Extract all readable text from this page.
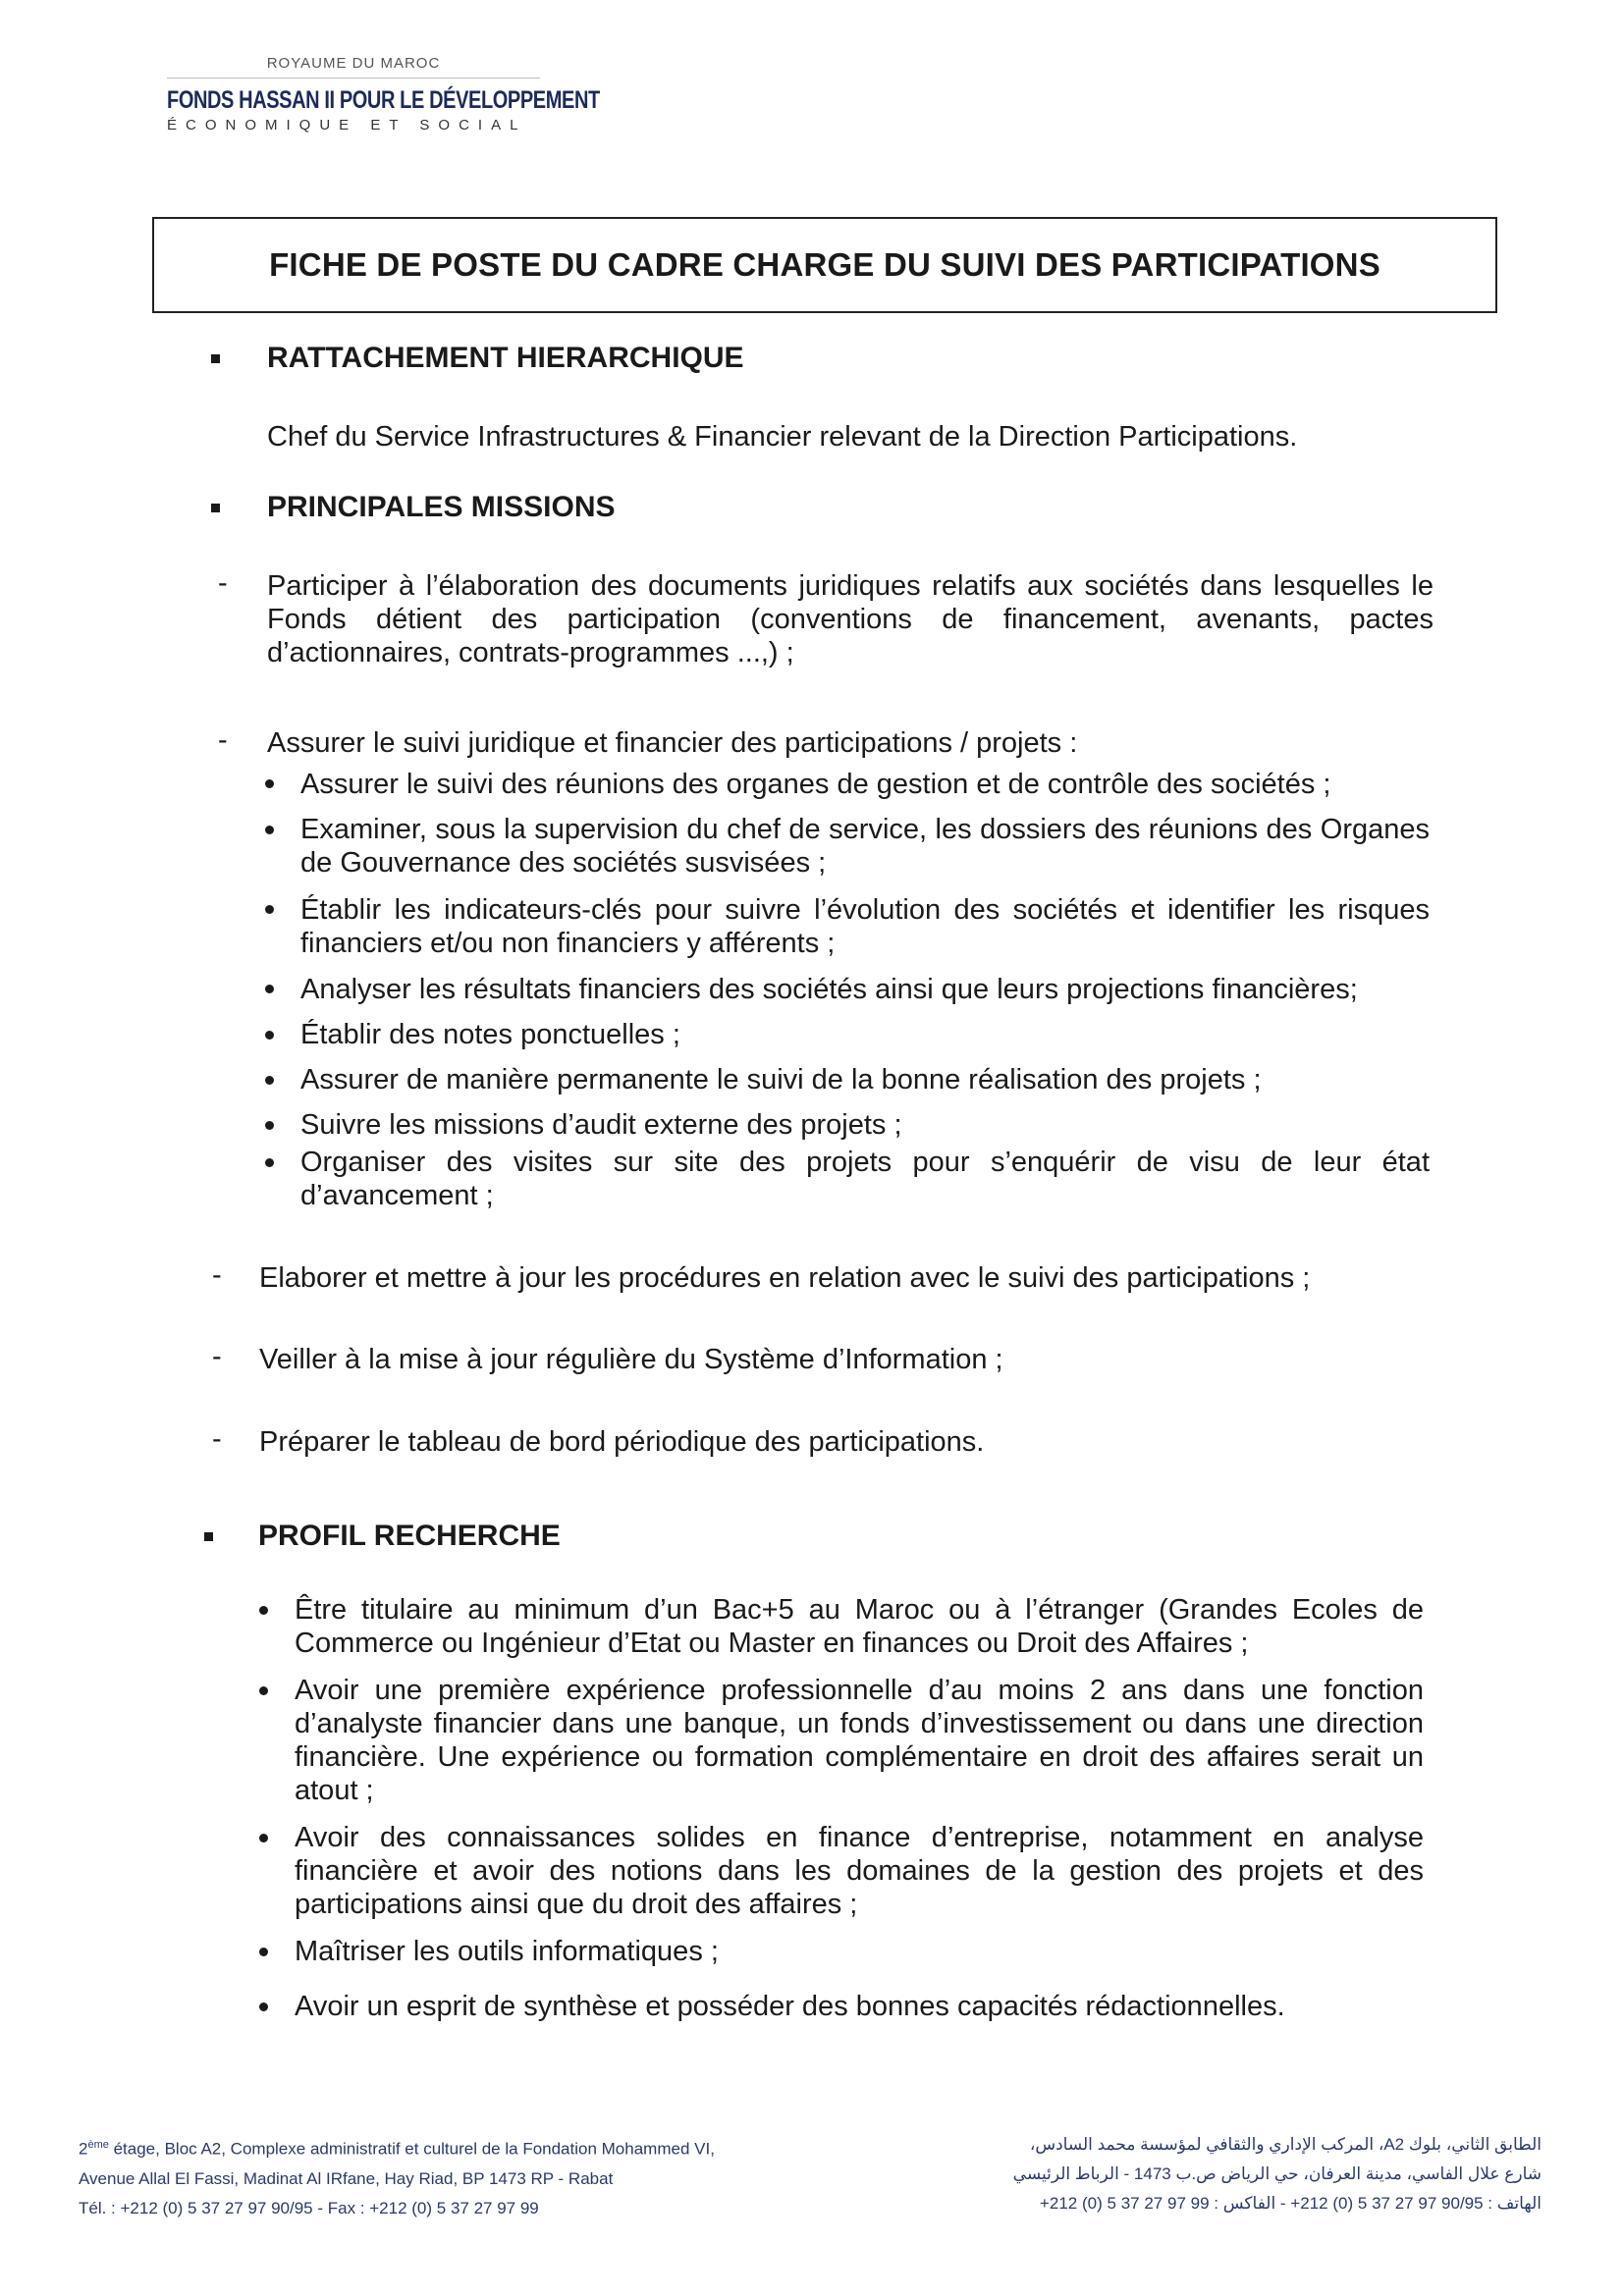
ROYAUME DU MAROC
FONDS HASSAN II POUR LE DÉVELOPPEMENT
ÉCONOMIQUE ET SOCIAL
FICHE DE POSTE DU CADRE CHARGE DU SUIVI DES PARTICIPATIONS
RATTACHEMENT HIERARCHIQUE
Chef du Service Infrastructures & Financier relevant de la Direction Participations.
PRINCIPALES MISSIONS
- Participer à l’élaboration des documents juridiques relatifs aux sociétés dans lesquelles le Fonds détient des participation (conventions de financement, avenants, pactes d’actionnaires, contrats-programmes ...,) ;
- Assurer le suivi juridique et financier des participations / projets :
Assurer le suivi des réunions des organes de gestion et de contrôle des sociétés ;
Examiner, sous la supervision du chef de service, les dossiers des réunions des Organes de Gouvernance des sociétés susvisées ;
Établir les indicateurs-clés pour suivre l’évolution des sociétés et identifier les risques financiers et/ou non financiers y afférents ;
Analyser les résultats financiers des sociétés ainsi que leurs projections financières;
Établir des notes ponctuelles ;
Assurer de manière permanente le suivi de la bonne réalisation des projets ;
Suivre les missions d’audit externe des projets ;
Organiser des visites sur site des projets pour s’enquérir de visu de leur état d’avancement ;
- Elaborer et mettre à jour les procédures en relation avec le suivi des participations ;
- Veiller à la mise à jour régulière du Système d’Information ;
- Préparer le tableau de bord périodique des participations.
PROFIL RECHERCHE
Être titulaire au minimum d’un Bac+5 au Maroc ou à l’étranger (Grandes Ecoles de Commerce ou Ingénieur d’Etat ou Master en finances ou Droit des Affaires ;
Avoir une première expérience professionnelle d’au moins 2 ans dans une fonction d’analyste financier dans une banque, un fonds d’investissement ou dans une direction financière. Une expérience ou formation complémentaire en droit des affaires serait un atout ;
Avoir des connaissances solides en finance d’entreprise, notamment en analyse financière et avoir des notions dans les domaines de la gestion des projets et des participations ainsi que du droit des affaires ;
Maîtriser les outils informatiques ;
Avoir un esprit de synthèse et posséder des bonnes capacités rédactionnelles.
2ème étage, Bloc A2, Complexe administratif et culturel de la Fondation Mohammed VI,
Avenue Allal El Fassi, Madinat Al IRfane, Hay Riad, BP 1473 RP - Rabat
Tél. : +212 (0) 5 37 27 97 90/95 - Fax : +212 (0) 5 37 27 97 99
الطابق الثاني، بلوك A2، المركب الإداري والثقافي لمؤسسة محمد السادس،
شارع علال الفاسي، مدينة العرفان، حي الرياض ص.ب 1473 - الرباط الرئيسي
الهاتف : 90/95 97 27 37 5 (0) 212+ - الفاكس : 99 97 27 37 5 (0) 212+
